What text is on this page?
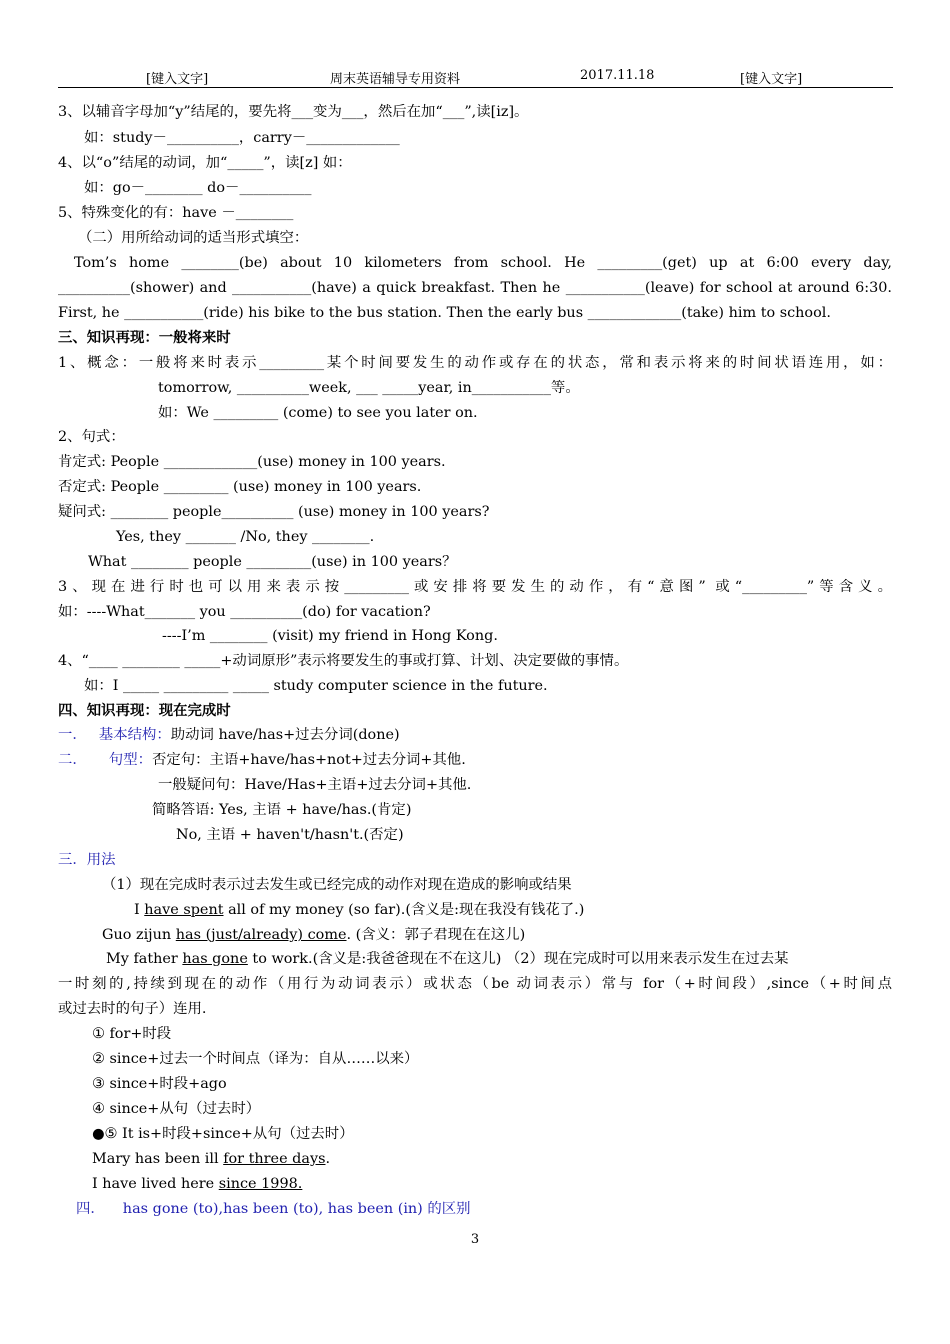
[键入文字]	周末英语辅导专用资料	2017.11.18	[键入文字]
3、以辅音字母加“y”结尾的，要先将___变为___，然后在加“___”,读[iz]。
如：study－__________，carry－_____________
4、以“o”结尾的动词，加“_____”，读[z] 如：
如：go－________ do－__________
5、特殊变化的有：have －________
（二）用所给动词的适当形式填空：
Tom’s home ________(be) about 10 kilometers from school. He _________(get) up at 6:00 every day,
__________(shower) and ___________(have) a quick breakfast. Then he ___________(leave) for school at around 6:30.
First, he ___________(ride) his bike to the bus station. Then the early bus _____________(take) him to school.
三、知识再现：一般将来时
1、概念：一般将来时表示_________某个时间要发生的动作或存在的状态，常和表示将来的时间状语连用，如：
tomorrow, __________week, ___ _____year, in___________等。
如：We _________ (come) to see you later on.
2、句式：
肯定式: People _____________(use) money in 100 years.
否定式: People _________ (use) money in 100 years.
疑问式: ________ people__________ (use) money in 100 years?
Yes, they _______ /No, they ________.
What ________ people _________(use) in 100 years？
3、现在进行时也可以用来表示按_________或安排将要发生的动作，有“意图” 或“_________”等含义。
如：----What_______ you __________(do) for vacation?
----I’m ________ (visit) my friend in Hong Kong.
4、“____ ________ _____+动词原形”表示将要发生的事或打算、计划、决定要做的事情。
如：I _____ _________ _____ study computer science in the future.
四、知识再现：现在完成时
一． 基本结构：助动词 have/has+过去分词(done)
二． 句型：否定句：主语+have/has+not+过去分词+其他.
一般疑问句：Have/Has+主语+过去分词+其他.
简略答语: Yes, 主语 + have/has.(肯定)
No, 主语 + haven't/hasn't.(否定)
三．用法
（1）现在完成时表示过去发生或已经完成的动作对现在造成的影响或结果
I have spent all of my money (so far).(含义是:现在我没有钱花了.)
Guo zijun has (just/already) come. (含义：郭子君现在在这儿)
My father has gone to work.(含义是:我爸爸现在不在这儿) （2）现在完成时可以用来表示发生在过去某
一时刻的,持续到现在的动作（用行为动词表示）或状态（be 动词表示）常与 for（+时间段）,since（+时间点
或过去时的句子）连用.
① for+时段
② since+过去一个时间点（译为：自从……以来）
③ since+时段+ago
④ since+从句（过去时）
●⑤ It is+时段+since+从句（过去时）
Mary has been ill for three days.
I have lived here since 1998.
四． has gone (to),has been (to), has been (in) 的区别
3
